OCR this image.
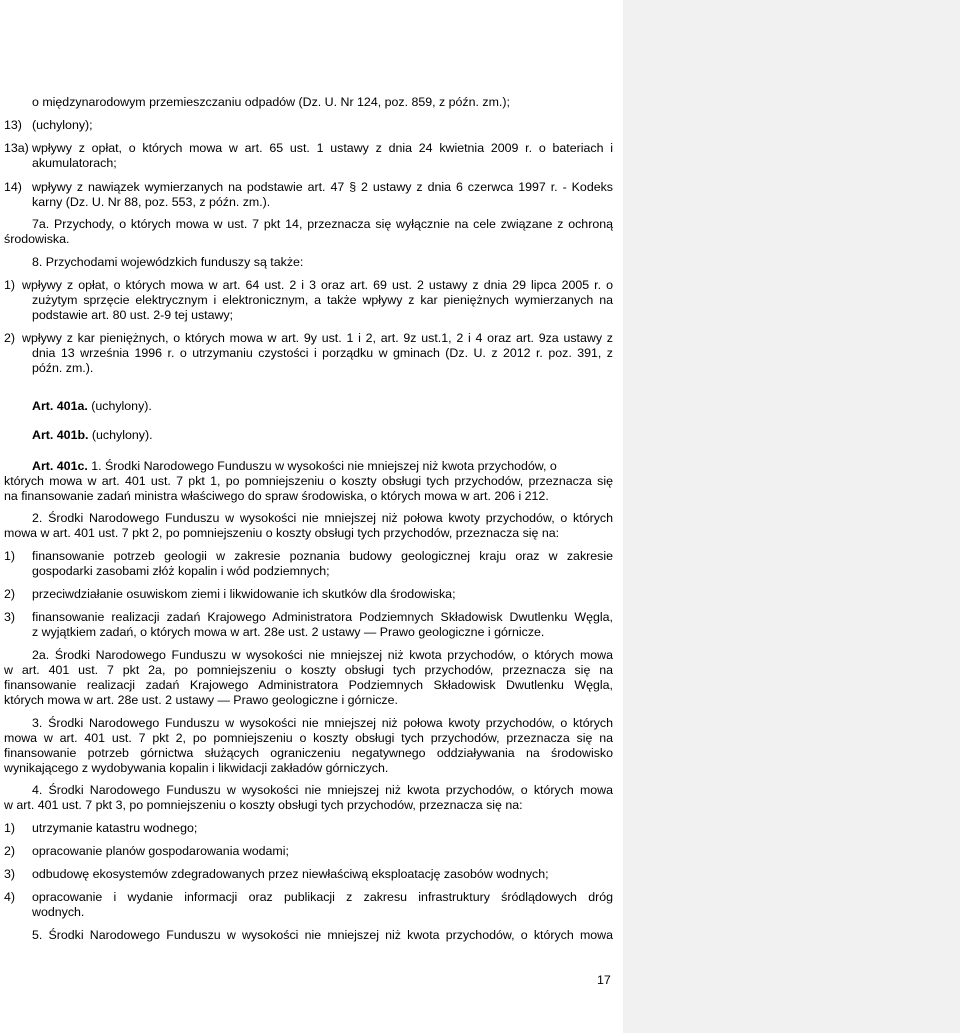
o międzynarodowym przemieszczaniu odpadów (Dz. U. Nr 124, poz. 859, z późn. zm.);
13) (uchylony);
13a) wpływy z opłat, o których mowa w art. 65 ust. 1 ustawy z dnia 24 kwietnia 2009 r. o bateriach i
akumulatorach;
14) wpływy z nawiązek wymierzanych na podstawie art. 47 § 2 ustawy z dnia 6 czerwca 1997 r. - Kodeks
karny (Dz. U. Nr 88, poz. 553, z późn. zm.).
7a. Przychody, o których mowa w ust. 7 pkt 14, przeznacza się wyłącznie na cele związane z ochroną
środowiska.
8. Przychodami wojewódzkich funduszy są także:
1) wpływy z opłat, o których mowa w art. 64 ust. 2 i 3 oraz art. 69 ust. 2 ustawy z dnia 29 lipca 2005 r. o
zużytym sprzęcie elektrycznym i elektronicznym, a także wpływy z kar pieniężnych wymierzanych na
podstawie art. 80 ust. 2-9 tej ustawy;
2) wpływy z kar pieniężnych, o których mowa w art. 9y ust. 1 i 2, art. 9z ust.1, 2 i 4 oraz art. 9za ustawy z
dnia 13 września 1996 r. o utrzymaniu czystości i porządku w gminach (Dz. U. z 2012 r. poz. 391, z
późn. zm.).
Art. 401a. (uchylony).
Art. 401b. (uchylony).
Art. 401c. 1. Środki Narodowego Funduszu w wysokości nie mniejszej niż kwota przychodów, o
których mowa w art. 401 ust. 7 pkt 1, po pomniejszeniu o koszty obsługi tych przychodów, przeznacza się
na finansowanie zadań ministra właściwego do spraw środowiska, o których mowa w art. 206 i 212.
2. Środki Narodowego Funduszu w wysokości nie mniejszej niż połowa kwoty przychodów, o których
mowa w art. 401 ust. 7 pkt 2, po pomniejszeniu o koszty obsługi tych przychodów, przeznacza się na:
1) finansowanie potrzeb geologii w zakresie poznania budowy geologicznej kraju oraz w zakresie
gospodarki zasobami złóż kopalin i wód podziemnych;
2) przeciwdziałanie osuwiskom ziemi i likwidowanie ich skutków dla środowiska;
3) finansowanie realizacji zadań Krajowego Administratora Podziemnych Składowisk Dwutlenku Węgla,
z wyjątkiem zadań, o których mowa w art. 28e ust. 2 ustawy — Prawo geologiczne i górnicze.
2a. Środki Narodowego Funduszu w wysokości nie mniejszej niż kwota przychodów, o których mowa
w art. 401 ust. 7 pkt 2a, po pomniejszeniu o koszty obsługi tych przychodów, przeznacza się na
finansowanie realizacji zadań Krajowego Administratora Podziemnych Składowisk Dwutlenku Węgla,
których mowa w art. 28e ust. 2 ustawy — Prawo geologiczne i górnicze.
3. Środki Narodowego Funduszu w wysokości nie mniejszej niż połowa kwoty przychodów, o których
mowa w art. 401 ust. 7 pkt 2, po pomniejszeniu o koszty obsługi tych przychodów, przeznacza się na
finansowanie potrzeb górnictwa służących ograniczeniu negatywnego oddziaływania na środowisko
wynikającego z wydobywania kopalin i likwidacji zakładów górniczych.
4. Środki Narodowego Funduszu w wysokości nie mniejszej niż kwota przychodów, o których mowa
w art. 401 ust. 7 pkt 3, po pomniejszeniu o koszty obsługi tych przychodów, przeznacza się na:
1) utrzymanie katastru wodnego;
2) opracowanie planów gospodarowania wodami;
3) odbudowę ekosystemów zdegradowanych przez niewłaściwą eksploatację zasobów wodnych;
4) opracowanie i wydanie informacji oraz publikacji z zakresu infrastruktury śródlądowych dróg
wodnych.
5. Środki Narodowego Funduszu w wysokości nie mniejszej niż kwota przychodów, o których mowa
17
